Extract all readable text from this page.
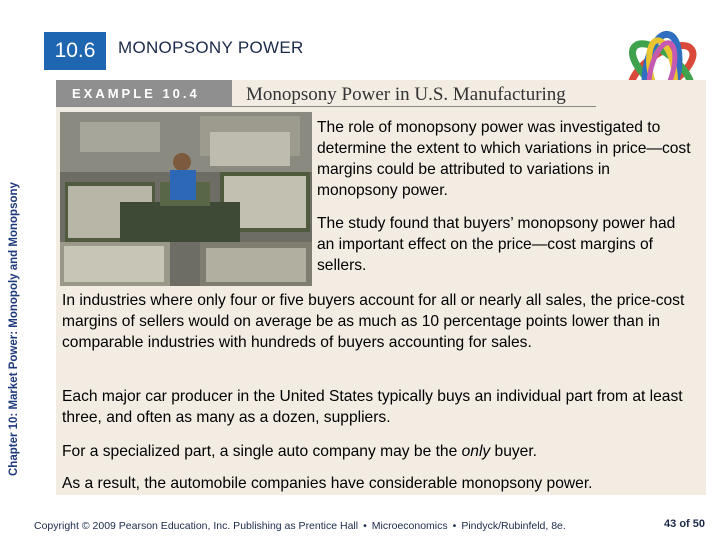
Chapter 10: Market Power: Monopoly and Monopsony
10.6	MONOPSONY POWER
EXAMPLE 10.4 Monopsony Power in U.S. Manufacturing
The role of monopsony power was investigated to determine the extent to which variations in price—cost margins could be attributed to variations in monopsony power.
The study found that buyers’ monopsony power had an important effect on the price—cost margins of sellers.
In industries where only four or five buyers account for all or nearly all sales, the price-cost margins of sellers would on average be as much as 10 percentage points lower than in comparable industries with hundreds of buyers accounting for sales.
Each major car producer in the United States typically buys an individual part from at least three, and often as many as a dozen, suppliers.
For a specialized part, a single auto company may be the only buyer.
As a result, the automobile companies have considerable monopsony power.
Copyright © 2009 Pearson Education, Inc. Publishing as Prentice Hall • Microeconomics • Pindyck/Rubinfeld, 8e.	43 of 50
